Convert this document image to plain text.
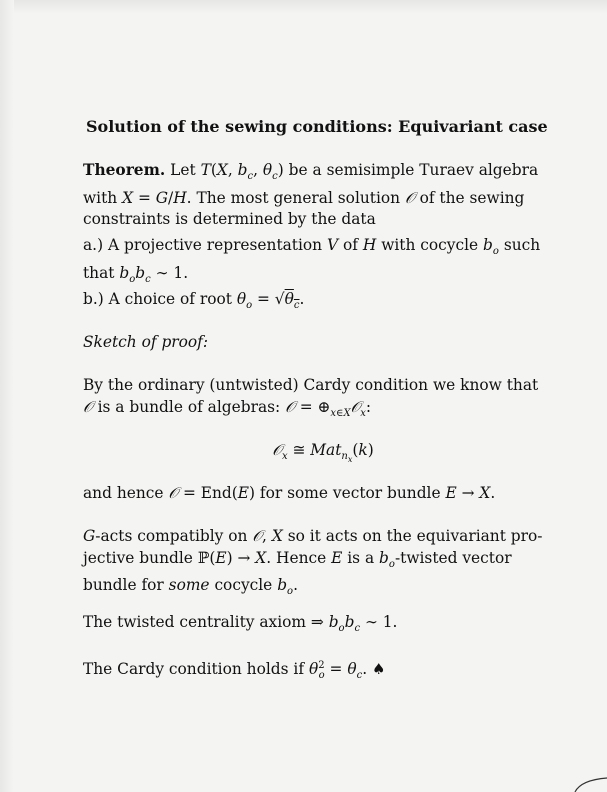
Solution of the sewing conditions: Equivariant case
Theorem. Let T(X, $b_c$, $\theta_c$) be a semisimple Turaev algebra
with X = G/H. The most general solution 𝒪 of the sewing
constraints is determined by the data
a.) A projective representation V of H with cocycle $b_o$ such
that $b_ob_c$ ∼ 1.
b.) A choice of root $\theta_o = √\theta_c$.
Sketch of proof:
By the ordinary (untwisted) Cardy condition we know that
𝒪 is a bundle of algebras: 𝒪 = $\oplus_{x\in X}𝒪_x$:
𝒪$_x$ ≅ Mat$_{n_x}$(k)
and hence 𝒪 = End(E) for some vector bundle E → X.
G-acts compatibly on 𝒪, X so it acts on the equivariant pro-
jective bundle ℙ(E) → X. Hence E is a $b_o$-twisted vector
bundle for some cocycle $b_o$.
The twisted centrality axiom ⇒ $b_ob_c$ ∼ 1.
The Cardy condition holds if $\theta^2_o = \theta_c$. ♠
